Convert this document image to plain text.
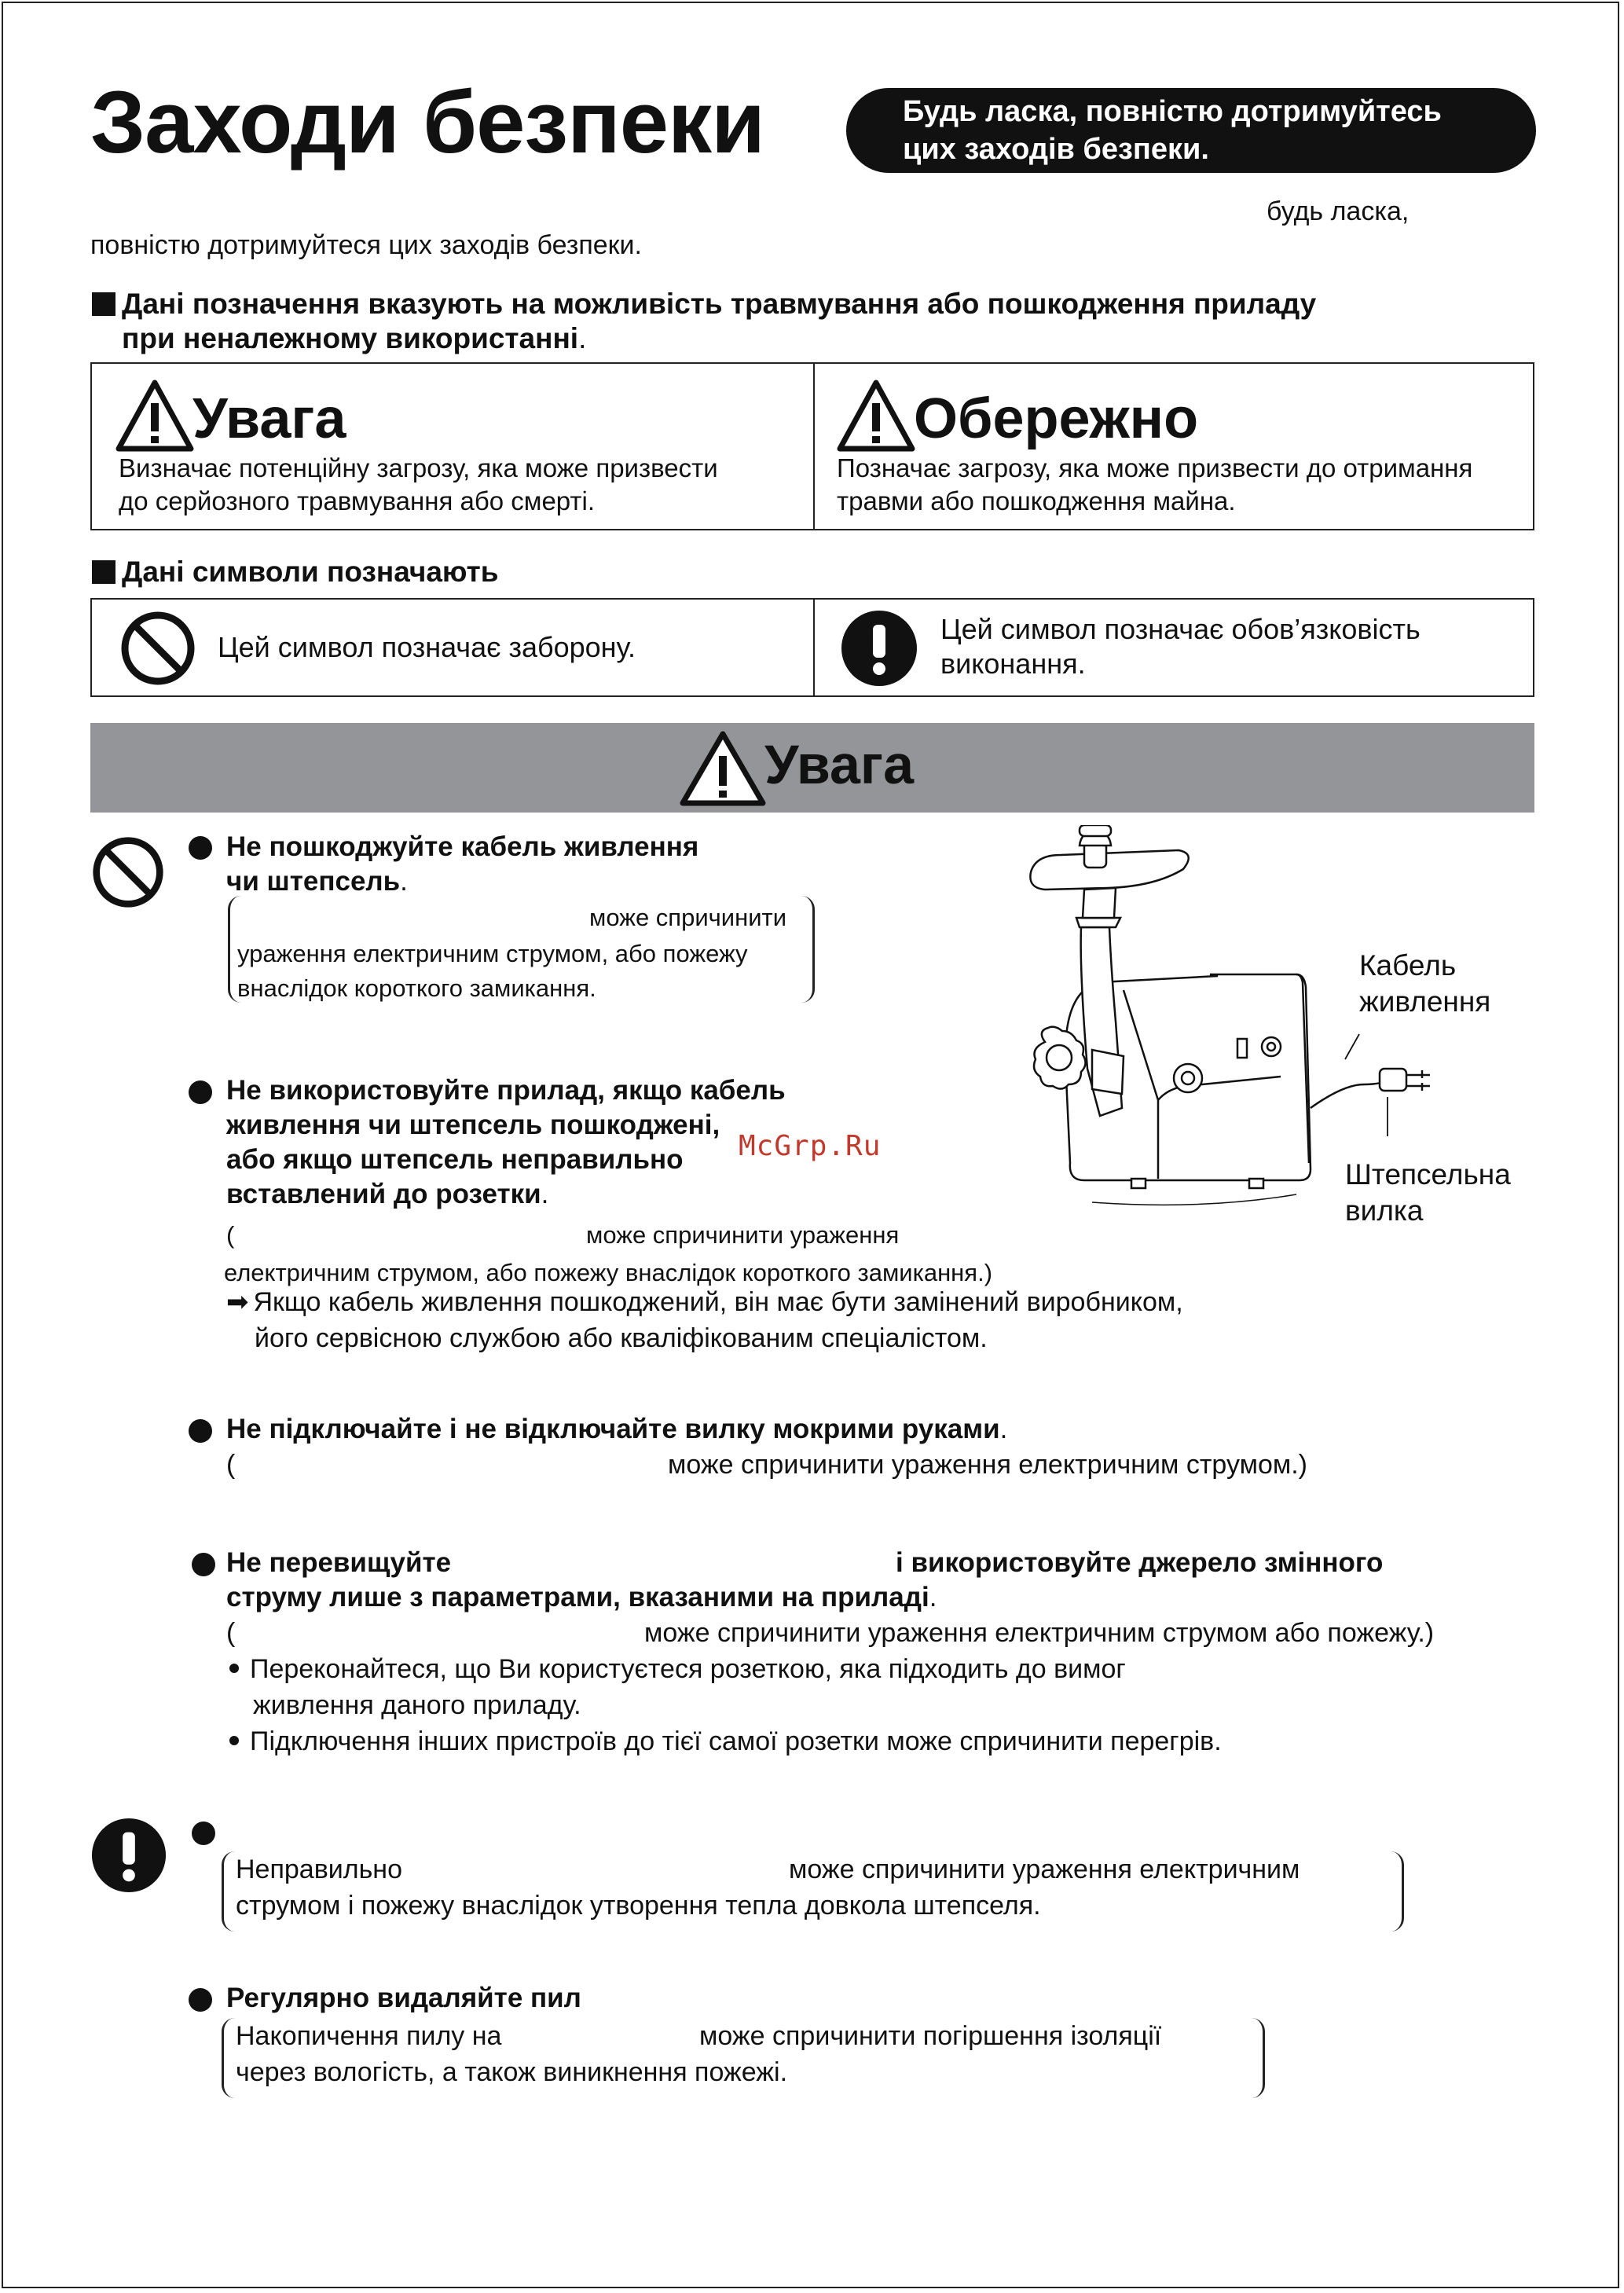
Заходи безпеки	Будь ласка, повністю дотримуйтесь
цих заходів безпеки.
будь ласка,
повністю дотримуйтеся цих заходів безпеки.
Дані позначення вказують на можливість травмування або пошкодження приладу
при неналежному використанні.
Увага
Визначає потенційну загрозу, яка може призвести
до серйозного травмування або смерті.
Обережно
Позначає загрозу, яка може призвести до отримання
травми або пошкодження майна.
Дані символи позначають
Цей символ позначає заборону.
Цей символ позначає обов’язковість
виконання.
Увага
Не пошкоджуйте кабель живлення
чи штепсель.
може спричинити
ураження електричним струмом, або пожежу
внаслідок короткого замикання.
Кабель
живлення
Штепсельна
вилка
McGrp.Ru
Не використовуйте прилад, якщо кабель
живлення чи штепсель пошкоджені,
або якщо штепсель неправильно
вставлений до розетки.
(	може спричинити ураження
електричним струмом, або пожежу внаслідок короткого замикання.)
➡ Якщо кабель живлення пошкоджений, він має бути замінений виробником,
його сервісною службою або кваліфікованим спеціалістом.
Не підключайте і не відключайте вилку мокрими руками.
(	може спричинити ураження електричним струмом.)
Не перевищуйте	і використовуйте джерело змінного
струму лише з параметрами, вказаними на приладі.
(	може спричинити ураження електричним струмом або пожежу.)
Переконайтеся, що Ви користуєтеся розеткою, яка підходить до вимог
живлення даного приладу.
Підключення інших пристроїв до тієї самої розетки може спричинити перегрів.
Неправильно	може спричинити ураження електричним
струмом і пожежу внаслідок утворення тепла довкола штепселя.
Регулярно видаляйте пил
Накопичення пилу на	може спричинити погіршення ізоляції
через вологість, а також виникнення пожежі.
